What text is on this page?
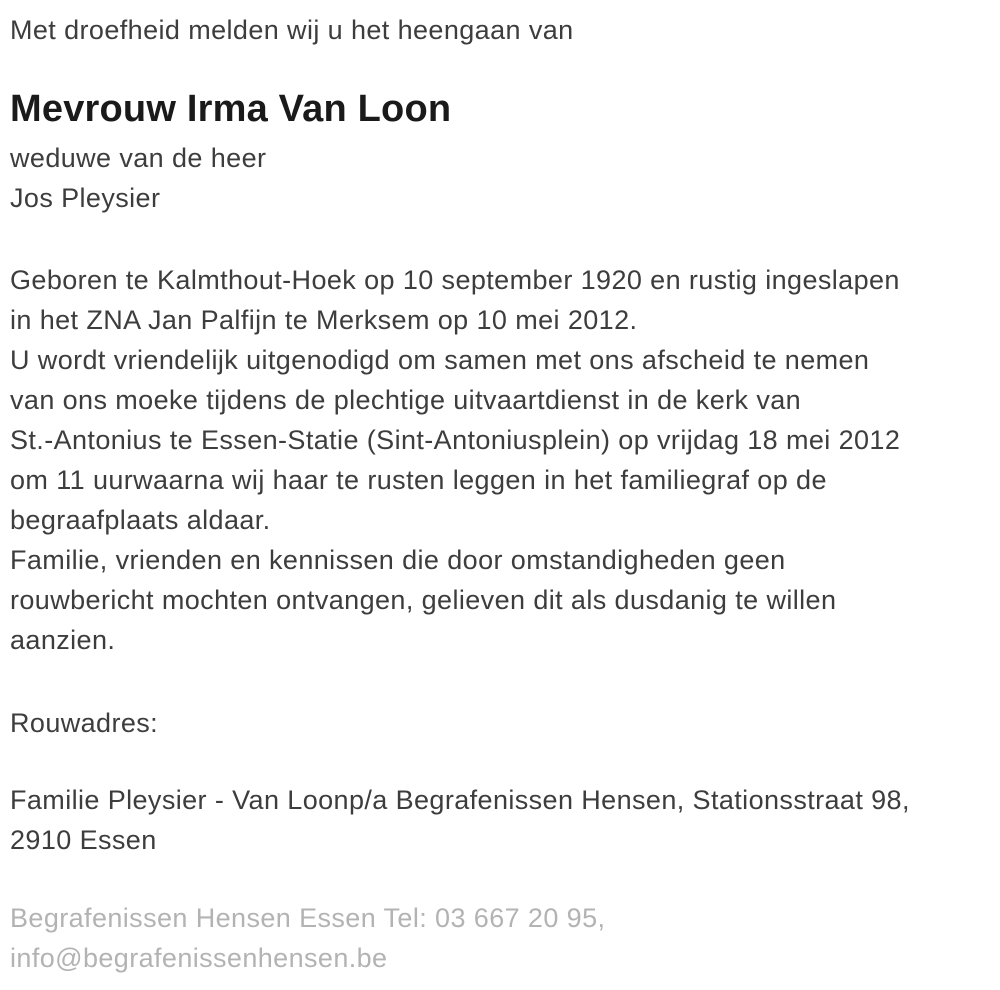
Met droefheid melden wij u het heengaan van
Mevrouw Irma Van Loon
weduwe van de heer
Jos Pleysier
Geboren te Kalmthout-Hoek op 10 september 1920 en rustig ingeslapen
in het ZNA Jan Palfijn te Merksem op 10 mei 2012.
U wordt vriendelijk uitgenodigd om samen met ons afscheid te nemen
van ons moeke tijdens de plechtige uitvaartdienst in de kerk van
St.-Antonius te Essen-Statie (Sint-Antoniusplein) op vrijdag 18 mei 2012
om 11 uurwaarna wij haar te rusten leggen in het familiegraf op de
begraafplaats aldaar.
Familie, vrienden en kennissen die door omstandigheden geen
rouwbericht mochten ontvangen, gelieven dit als dusdanig te willen
aanzien.
Rouwadres:
Familie Pleysier - Van Loonp/a Begrafenissen Hensen, Stationsstraat 98,
2910 Essen
Begrafenissen Hensen Essen Tel: 03 667 20 95,
info@begrafenissenhensen.be
